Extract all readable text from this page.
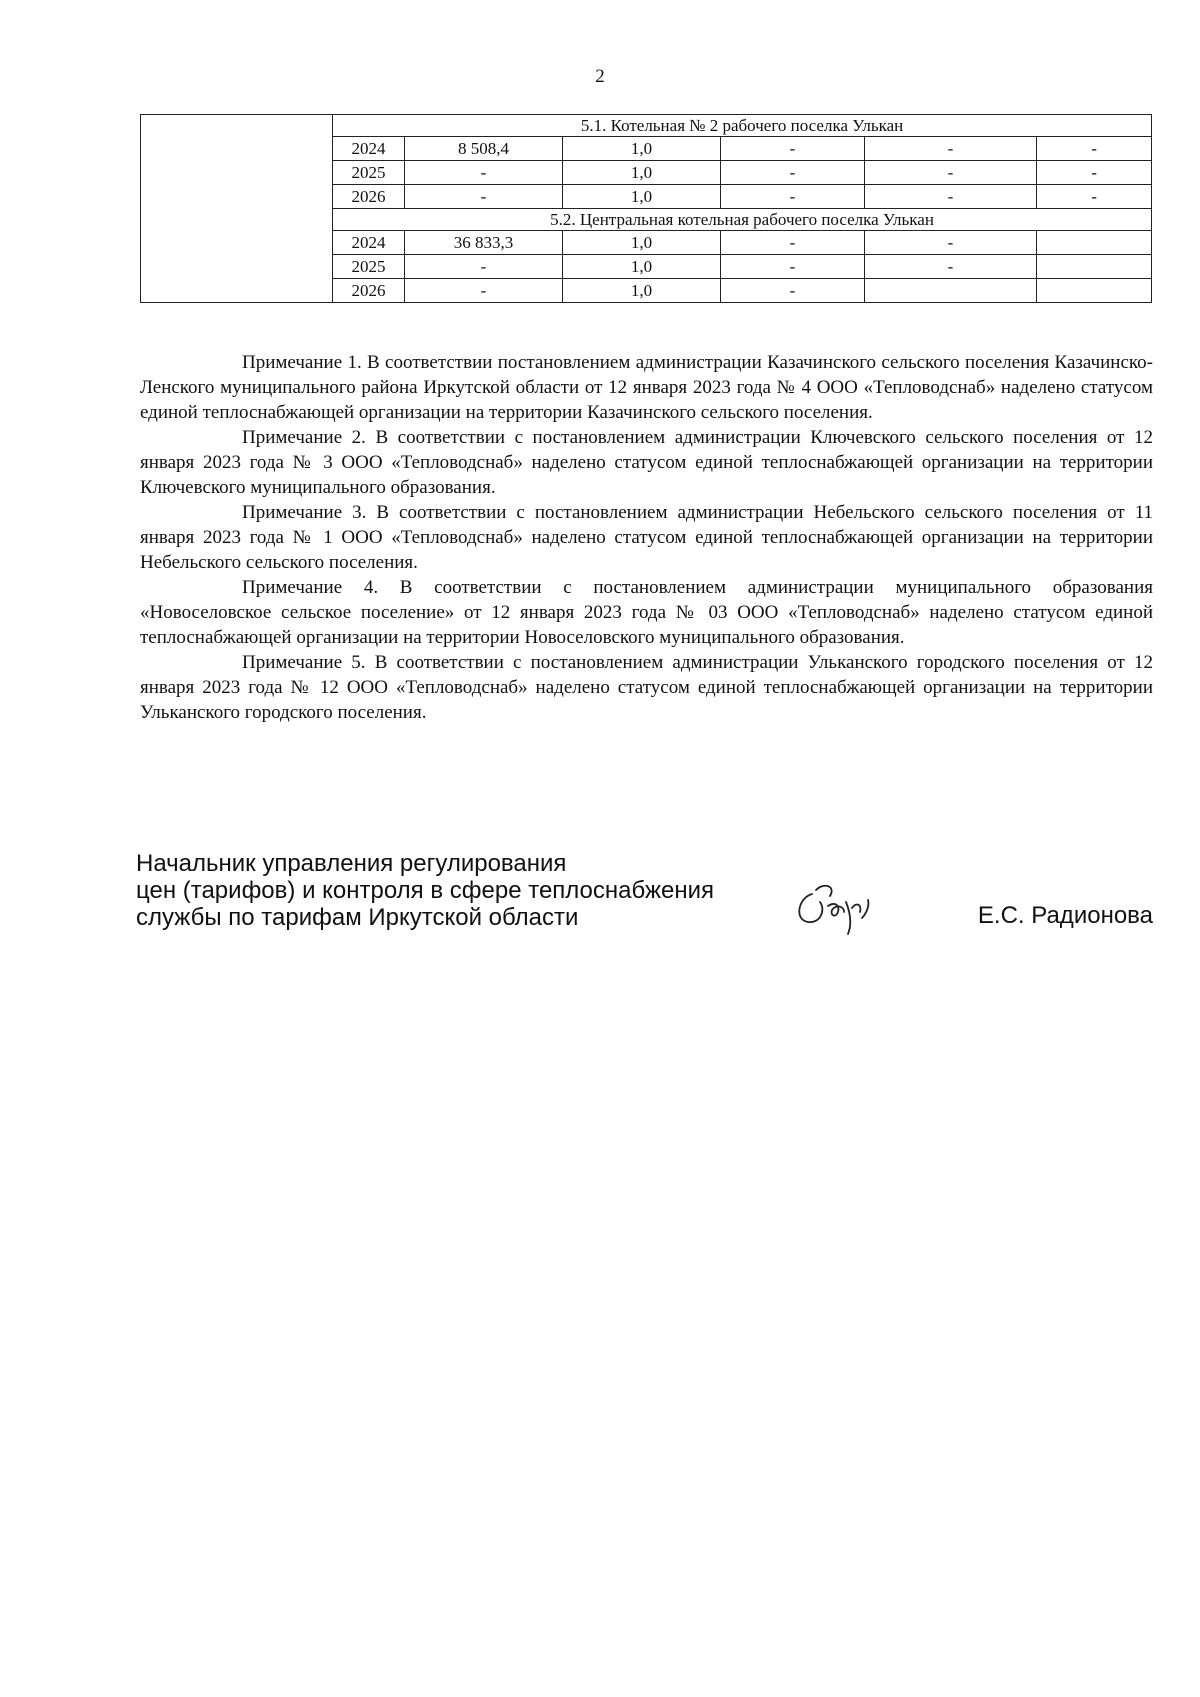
2
	5.1. Котельная № 2 рабочего поселка Улькан					
	2024	8 508,4	1,0	-	-	-
	2025	-	1,0	-	-	-
	2026	-	1,0	-	-	-
	5.2. Центральная котельная рабочего поселка Улькан					
	2024	36 833,3	1,0	-	-	
	2025	-	1,0	-	-	
	2026	-	1,0	-		

Примечание 1. В соответствии постановлением администрации Казачинского сельского поселения Казачинско-Ленского муниципального района Иркутской области от 12 января 2023 года № 4 ООО «Тепловодснаб» наделено статусом единой теплоснабжающей организации на территории Казачинского сельского поселения.

Примечание 2. В соответствии с постановлением администрации Ключевского сельского поселения от 12 января 2023 года № 3 ООО «Тепловодснаб» наделено статусом единой теплоснабжающей организации на территории Ключевского муниципального образования.

Примечание 3. В соответствии с постановлением администрации Небельского сельского поселения от 11 января 2023 года № 1 ООО «Тепловодснаб» наделено статусом единой теплоснабжающей организации на территории Небельского сельского поселения.

Примечание 4. В соответствии с постановлением администрации муниципального образования «Новоселовское сельское поселение» от 12 января 2023 года № 03 ООО «Тепловодснаб» наделено статусом единой теплоснабжающей организации на территории Новоселовского муниципального образования.

Примечание 5. В соответствии с постановлением администрации Ульканского городского поселения от 12 января 2023 года № 12 ООО «Тепловодснаб» наделено статусом единой теплоснабжающей организации на территории Ульканского городского поселения.

Начальник управления регулирования
цен (тарифов) и контроля в сфере теплоснабжения
службы по тарифам Иркутской области	Е.С. Радионова
